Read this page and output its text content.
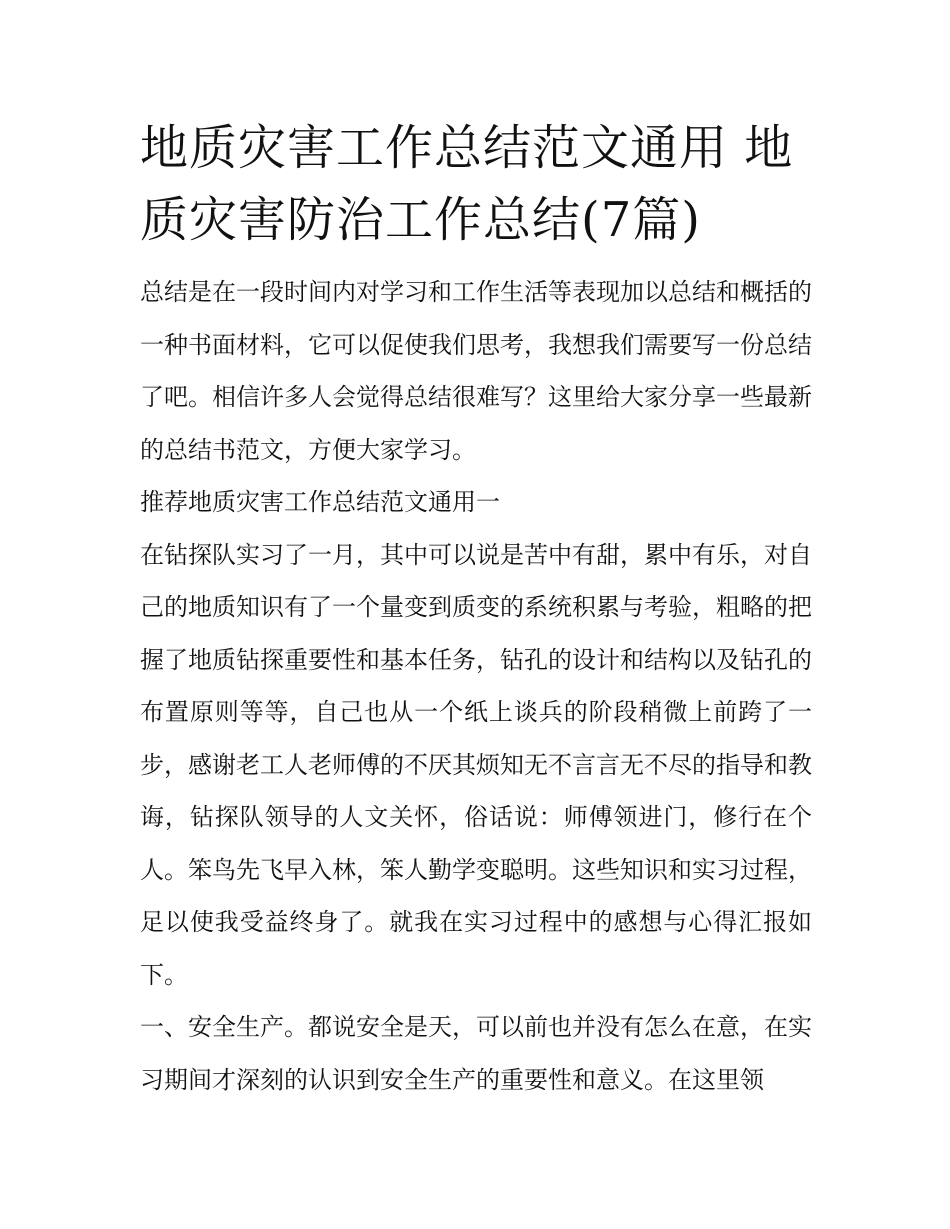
地质灾害工作总结范文通用 地质灾害防治工作总结(7篇)

总结是在一段时间内对学习和工作生活等表现加以总结和概括的一种书面材料，它可以促使我们思考，我想我们需要写一份总结了吧。相信许多人会觉得总结很难写？这里给大家分享一些最新的总结书范文，方便大家学习。

推荐地质灾害工作总结范文通用一

在钻探队实习了一月，其中可以说是苦中有甜，累中有乐，对自己的地质知识有了一个量变到质变的系统积累与考验，粗略的把握了地质钻探重要性和基本任务，钻孔的设计和结构以及钻孔的布置原则等等，自己也从一个纸上谈兵的阶段稍微上前跨了一步，感谢老工人老师傅的不厌其烦知无不言言无不尽的指导和教诲，钻探队领导的人文关怀，俗话说：师傅领进门，修行在个人。笨鸟先飞早入林，笨人勤学变聪明。这些知识和实习过程，足以使我受益终身了。就我在实习过程中的感想与心得汇报如下。

一、安全生产。都说安全是天，可以前也并没有怎么在意，在实习期间才深刻的认识到安全生产的重要性和意义。在这里领
